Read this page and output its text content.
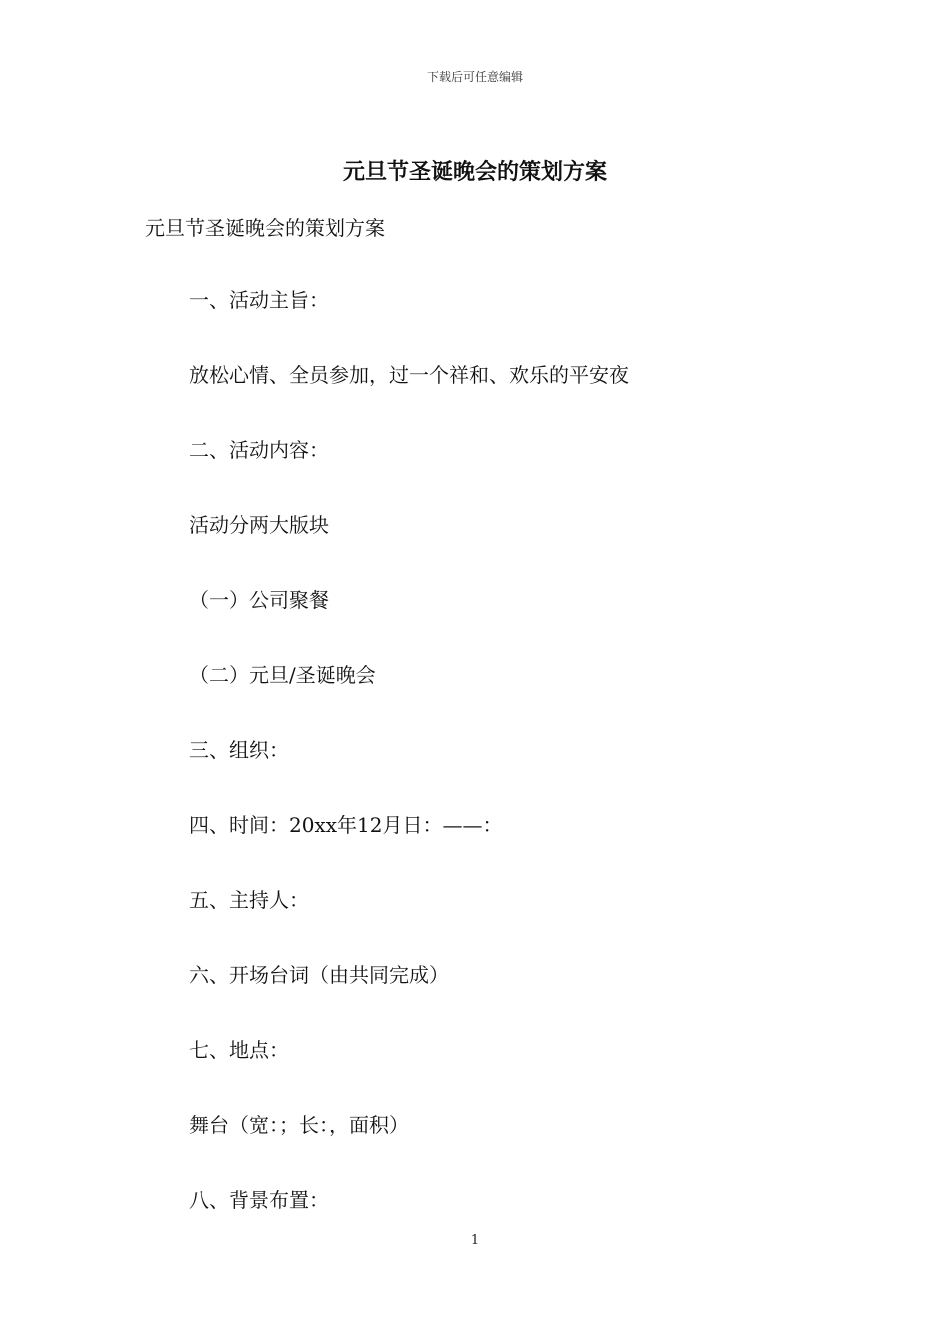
下载后可任意编辑
元旦节圣诞晚会的策划方案
元旦节圣诞晚会的策划方案
一、活动主旨：
放松心情、全员参加，过一个祥和、欢乐的平安夜
二、活动内容：
活动分两大版块
（一）公司聚餐
（二）元旦/圣诞晚会
三、组织：
四、时间：20xx年12月日：——：
五、主持人：
六、开场台词（由共同完成）
七、地点：
舞台（宽：；长：，面积）
八、背景布置：
1
